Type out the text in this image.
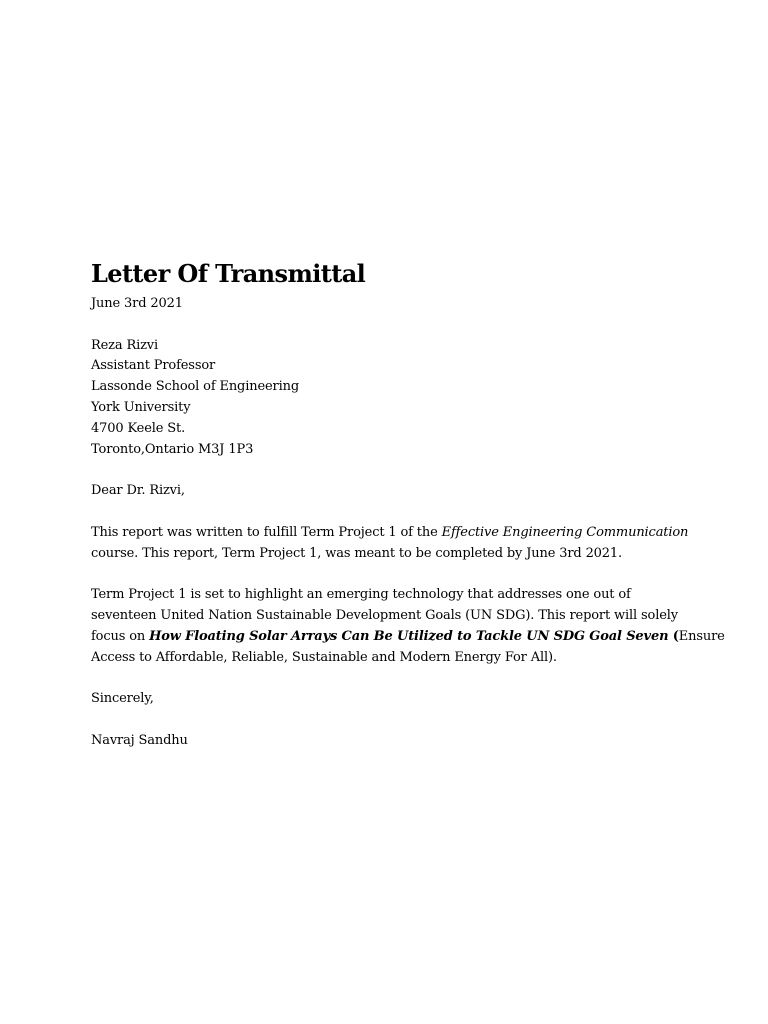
Letter Of Transmittal
June 3rd 2021
Reza Rizvi
Assistant Professor
Lassonde School of Engineering
York University
4700 Keele St.
Toronto,Ontario M3J 1P3
Dear Dr. Rizvi,
This report was written to fulfill Term Project 1 of the Effective Engineering Communication
course. This report, Term Project 1, was meant to be completed by June 3rd 2021.
Term Project 1 is set to highlight an emerging technology that addresses one out of
seventeen United Nation Sustainable Development Goals (UN SDG). This report will solely
focus on How Floating Solar Arrays Can Be Utilized to Tackle UN SDG Goal Seven (Ensure
Access to Affordable, Reliable, Sustainable and Modern Energy For All).
Sincerely,
Navraj Sandhu
